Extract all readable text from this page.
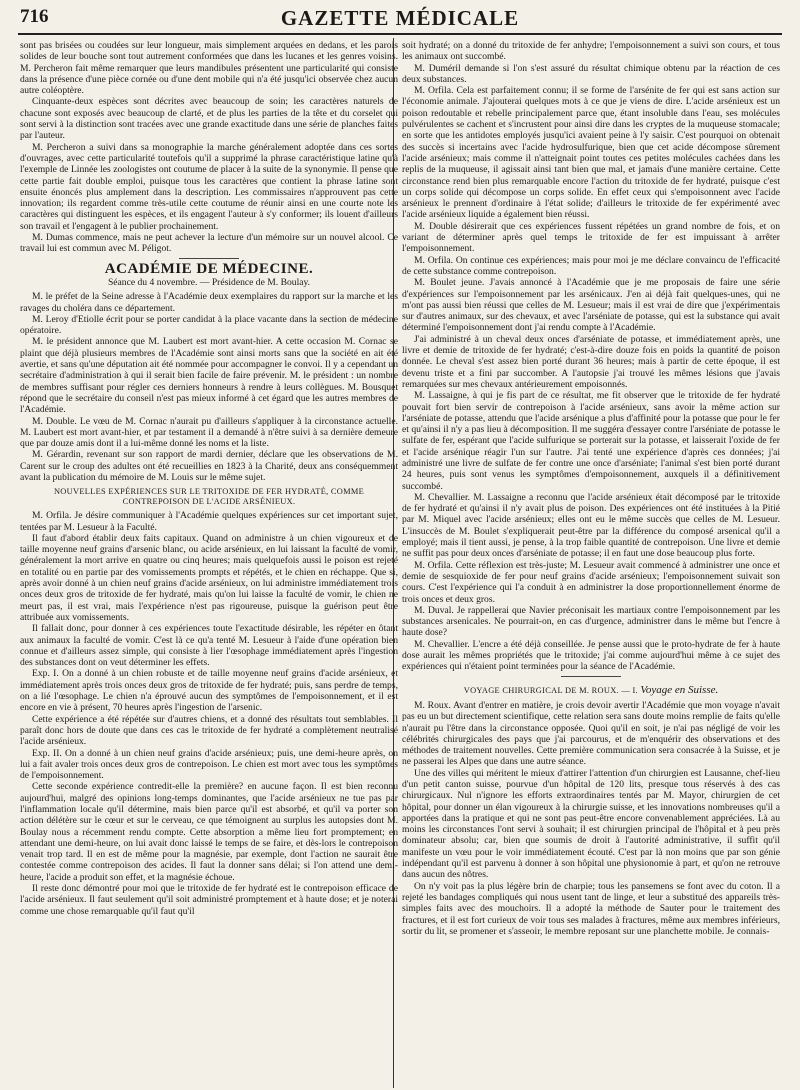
716	GAZETTE MÉDICALE

sont pas brisées ou coudées sur leur longueur, mais simplement arquées en dedans, et les parois solides de leur bouche sont tout autrement conformées que dans les lucanes et les genres voisins. M. Percheron fait même remarquer que leurs mandibules présentent une particularité qui consiste dans la présence d'une pièce cornée ou d'une dent mobile qui n'a été jusqu'ici observée chez aucun autre coléoptère.

Cinquante-deux espèces sont décrites avec beaucoup de soin; les caractères naturels de chacune sont exposés avec beaucoup de clarté, et de plus les parties de la tête et du corselet qui sont servi à la distinction sont tracées avec une grande exactitude dans une série de planches faites par l'auteur.

M. Percheron a suivi dans sa monographie la marche généralement adoptée dans ces sortes d'ouvrages, avec cette particularité toutefois qu'il a supprimé la phrase caractéristique latine qu'à l'exemple de Linnée les zoologistes ont coutume de placer à la suite de la synonymie. Il pense que cette partie fait double emploi, puisque tous les caractères que contient la phrase latine sont ensuite énoncés plus amplement dans la description. Les commissaires n'approuvent pas cette innovation; ils regardent comme très-utile cette coutume de réunir ainsi en une courte note les caractères qui distinguent les espèces, et ils engagent l'auteur à s'y conformer; ils louent d'ailleurs son travail et l'engagent à le publier prochainement.

M. Dumas commence, mais ne peut achever la lecture d'un mémoire sur un nouvel alcool. Ce travail lui est commun avec M. Péligot.

ACADÉMIE DE MÉDECINE.

Séance du 4 novembre. — Présidence de M. Boulay.

M. le préfet de la Seine adresse à l'Académie deux exemplaires du rapport sur la marche et les ravages du choléra dans ce département.

M. Leroy d'Etiolle écrit pour se porter candidat à la place vacante dans la section de médecine opératoire.

M. le président annonce que M. Laubert est mort avant-hier. A cette occasion M. Cornac se plaint que déjà plusieurs membres de l'Académie sont ainsi morts sans que la société en ait été avertie, et sans qu'une députation ait été nommée pour accompagner le convoi. Il y a cependant un secrétaire d'administration à qui il serait bien facile de faire prévenir. M. le président : un nombre de membres suffisant pour régler ces derniers honneurs à rendre à leurs collègues. M. Bousquet répond que le secrétaire du conseil n'est pas mieux informé à cet égard que les autres membres de l'Académie.

M. Double. Le vœu de M. Cornac n'aurait pu d'ailleurs s'appliquer à la circonstance actuelle. M. Laubert est mort avant-hier, et par testament il a demandé à n'être suivi à sa dernière demeure que par douze amis dont il a lui-même donné les noms et la liste.

M. Gérardin, revenant sur son rapport de mardi dernier, déclare que les observations de M. Carent sur le croup des adultes ont été recueillies en 1823 à la Charité, deux ans conséquemment avant la publication du mémoire de M. Louis sur le même sujet.

NOUVELLES EXPÉRIENCES SUR LE TRITOXIDE DE FER HYDRATÉ, COMME CONTREPOISON DE L'ACIDE ARSÉNIEUX.

M. Orfila. Je désire communiquer à l'Académie quelques expériences sur cet important sujet, tentées par M. Lesueur à la Faculté.

Il faut d'abord établir deux faits capitaux. Quand on administre à un chien vigoureux et de taille moyenne neuf grains d'arsenic blanc, ou acide arsénieux, en lui laissant la faculté de vomir, généralement la mort arrive en quatre ou cinq heures; mais quelquefois aussi le poison est rejeté en totalité ou en partie par des vomissements prompts et répétés, et le chien en réchappe. Que si, après avoir donné à un chien neuf grains d'acide arsénieux, on lui administre immédiatement trois onces deux gros de tritoxide de fer hydraté, mais qu'on lui laisse la faculté de vomir, le chien ne meurt pas, il est vrai, mais l'expérience n'est pas rigoureuse, puisque la guérison peut être attribuée aux vomissements.

Il fallait donc, pour donner à ces expériences toute l'exactitude désirable, les répéter en ôtant aux animaux la faculté de vomir. C'est là ce qu'a tenté M. Lesueur à l'aide d'une opération bien connue et d'ailleurs assez simple, qui consiste à lier l'œsophage immédiatement après l'ingestion des substances dont on veut déterminer les effets.

Exp. I. On a donné à un chien robuste et de taille moyenne neuf grains d'acide arsénieux, et immédiatement après trois onces deux gros de tritoxide de fer hydraté; puis, sans perdre de temps, on a lié l'œsophage. Le chien n'a éprouvé aucun des symptômes de l'empoisonnement, et il est encore en vie à présent, 70 heures après l'ingestion de l'arsenic.

Cette expérience a été répétée sur d'autres chiens, et a donné des résultats tout semblables. Il paraît donc hors de doute que dans ces cas le tritoxide de fer hydraté a complètement neutralisé l'acide arsénieux.

Exp. II. On a donné à un chien neuf grains d'acide arsénieux; puis, une demi-heure après, on lui a fait avaler trois onces deux gros de contrepoison. Le chien est mort avec tous les symptômes de l'empoisonnement.

Cette seconde expérience contredit-elle la première? en aucune façon. Il est bien reconnu aujourd'hui, malgré des opinions long-temps dominantes, que l'acide arsénieux ne tue pas par l'inflammation locale qu'il détermine, mais bien parce qu'il est absorbé, et qu'il va porter son action délétère sur le cœur et sur le cerveau, ce que témoignent au surplus les autopsies dont M. Boulay nous a récemment rendu compte. Cette absorption a même lieu fort promptement; en attendant une demi-heure, on lui avait donc laissé le temps de se faire, et dès-lors le contrepoison venait trop tard. Il en est de même pour la magnésie, par exemple, dont l'action ne saurait être contestée comme contrepoison des acides. Il faut la donner sans délai; si l'on attend une demi-heure, l'acide a produit son effet, et la magnésie échoue.

Il reste donc démontré pour moi que le tritoxide de fer hydraté est le contrepoison efficace de l'acide arsénieux. Il faut seulement qu'il soit administré promptement et à haute dose; et je noterai comme une chose remarquable qu'il faut qu'il

soit hydraté; on a donné du tritoxide de fer anhydre; l'empoisonnement a suivi son cours, et tous les animaux ont succombé.

M. Duméril demande si l'on s'est assuré du résultat chimique obtenu par la réaction de ces deux substances.

M. Orfila. Cela est parfaitement connu; il se forme de l'arsénite de fer qui est sans action sur l'économie animale. J'ajouterai quelques mots à ce que je viens de dire. L'acide arsénieux est un poison redoutable et rebelle principalement parce que, étant insoluble dans l'eau, ses molécules pulvérulentes se cachent et s'incrustent pour ainsi dire dans les cryptes de la muqueuse stomacale; en sorte que les antidotes employés jusqu'ici avaient peine à l'y saisir. C'est pourquoi on obtenait des succès si incertains avec l'acide hydrosulfurique, bien que cet acide décompose sûrement l'acide arsénieux; mais comme il n'atteignait point toutes ces petites molécules cachées dans les replis de la muqueuse, il agissait ainsi tant bien que mal, et jamais d'une manière certaine. Cette circonstance rend bien plus remarquable encore l'action du tritoxide de fer hydraté, puisque c'est un corps solide qui décompose un corps solide. En effet ceux qui s'empoisonnent avec l'acide arsénieux le prennent d'ordinaire à l'état solide; d'ailleurs le tritoxide de fer expérimenté avec l'acide arsénieux liquide a également bien réussi.

M. Double désirerait que ces expériences fussent répétées un grand nombre de fois, et on variant de déterminer après quel temps le tritoxide de fer est impuissant à arrêter l'empoisonnement.

M. Orfila. On continue ces expériences; mais pour moi je me déclare convaincu de l'efficacité de cette substance comme contrepoison.

M. Boulet jeune. J'avais annoncé à l'Académie que je me proposais de faire une série d'expériences sur l'empoisonnement par les arsénicaux. J'en ai déjà fait quelques-unes, qui ne m'ont pas aussi bien réussi que celles de M. Lesueur; mais il est vrai de dire que j'expérimentais sur d'autres animaux, sur des chevaux, et avec l'arséniate de potasse, qui est la substance qui avait déterminé l'empoisonnement dont j'ai rendu compte à l'Académie.

J'ai administré à un cheval deux onces d'arséniate de potasse, et immédiatement après, une livre et demie de tritoxide de fer hydraté; c'est-à-dire douze fois en poids la quantité de poison donnée. Le cheval s'est assez bien porté durant 36 heures; mais à partir de cette époque, il est devenu triste et a fini par succomber. A l'autopsie j'ai trouvé les mêmes lésions que j'avais remarquées sur mes chevaux antérieurement empoisonnés.

M. Lassaigne, à qui je fis part de ce résultat, me fit observer que le tritoxide de fer hydraté pouvait fort bien servir de contrepoison à l'acide arsénieux, sans avoir la même action sur l'arséniate de potasse, attendu que l'acide arsénique a plus d'affinité pour la potasse que pour le fer et qu'ainsi il n'y a pas lieu à décomposition. Il me suggéra d'essayer contre l'arséniate de potasse le sulfate de fer, espérant que l'acide sulfurique se porterait sur la potasse, et laisserait l'oxide de fer et l'acide arsénique réagir l'un sur l'autre. J'ai tenté une expérience d'après ces données; j'ai administré une livre de sulfate de fer contre une once d'arséniate; l'animal s'est bien porté durant 24 heures, puis sont venus les symptômes d'empoisonnement, auxquels il a définitivement succombé.

M. Chevallier. M. Lassaigne a reconnu que l'acide arsénieux était décomposé par le tritoxide de fer hydraté et qu'ainsi il n'y avait plus de poison. Des expériences ont été instituées à la Pitié par M. Miquel avec l'acide arsénieux; elles ont eu le même succès que celles de M. Lesueur. L'insuccès de M. Boulet s'expliquerait peut-être par la différence du composé arsenical qu'il a employé; mais il tient aussi, je pense, à la trop faible quantité de contrepoison. Une livre et demie ne suffit pas pour deux onces d'arséniate de potasse; il en faut une dose beaucoup plus forte.

M. Orfila. Cette réflexion est très-juste; M. Lesueur avait commencé à administrer une once et demie de sesquioxide de fer pour neuf grains d'acide arsénieux; l'empoisonnement suivait son cours. C'est l'expérience qui l'a conduit à en administrer la dose proportionnellement énorme de trois onces et deux gros.

M. Duval. Je rappellerai que Navier préconisait les martiaux contre l'empoisonnement par les substances arsenicales. Ne pourrait-on, en cas d'urgence, administrer dans le même but l'encre à haute dose?

M. Chevallier. L'encre a été déjà conseillée. Je pense aussi que le proto-hydrate de fer à haute dose aurait les mêmes propriétés que le tritoxide; j'ai comme aujourd'hui même à ce sujet des expériences qui n'étaient point terminées pour la séance de l'Académie.

VOYAGE CHIRURGICAL DE M. ROUX. — I. Voyage en Suisse.

M. Roux. Avant d'entrer en matière, je crois devoir avertir l'Académie que mon voyage n'avait pas eu un but directement scientifique, cette relation sera sans doute moins remplie de faits qu'elle n'aurait pu l'être dans la circonstance opposée. Quoi qu'il en soit, je n'ai pas négligé de voir les célébrités chirurgicales des pays que j'ai parcourus, et de m'enquérir des observations et des méthodes de traitement nouvelles. Cette première communication sera consacrée à la Suisse, et je ne passerai les Alpes que dans une autre séance.

Une des villes qui méritent le mieux d'attirer l'attention d'un chirurgien est Lausanne, chef-lieu d'un petit canton suisse, pourvue d'un hôpital de 120 lits, presque tous réservés à des cas chirurgicaux. Nul n'ignore les efforts extraordinaires tentés par M. Mayor, chirurgien de cet hôpital, pour donner un élan vigoureux à la chirurgie suisse, et les innovations nombreuses qu'il a apportées dans la pratique et qui ne sont pas peut-être encore convenablement appréciées. Là au moins les circonstances l'ont servi à souhait; il est chirurgien principal de l'hôpital et à peu près dominateur absolu; car, bien que soumis de droit à l'autorité administrative, il suffit qu'il manifeste un vœu pour le voir immédiatement écouté. C'est par là non moins que par son génie indépendant qu'il est parvenu à donner à son hôpital une physionomie à part, et qu'on ne retrouve dans aucun des nôtres.

On n'y voit pas la plus légère brin de charpie; tous les pansemens se font avec du coton. Il a rejeté les bandages compliqués qui nous usent tant de linge, et leur a substitué des appareils très-simples faits avec des mouchoirs. Il a adopté la méthode de Sauter pour le traitement des fractures, et il est fort curieux de voir tous ses malades à fractures, même aux membres inférieurs, sortir du lit, se promener et s'asseoir, le membre reposant sur une planchette mobile. Je connais-
